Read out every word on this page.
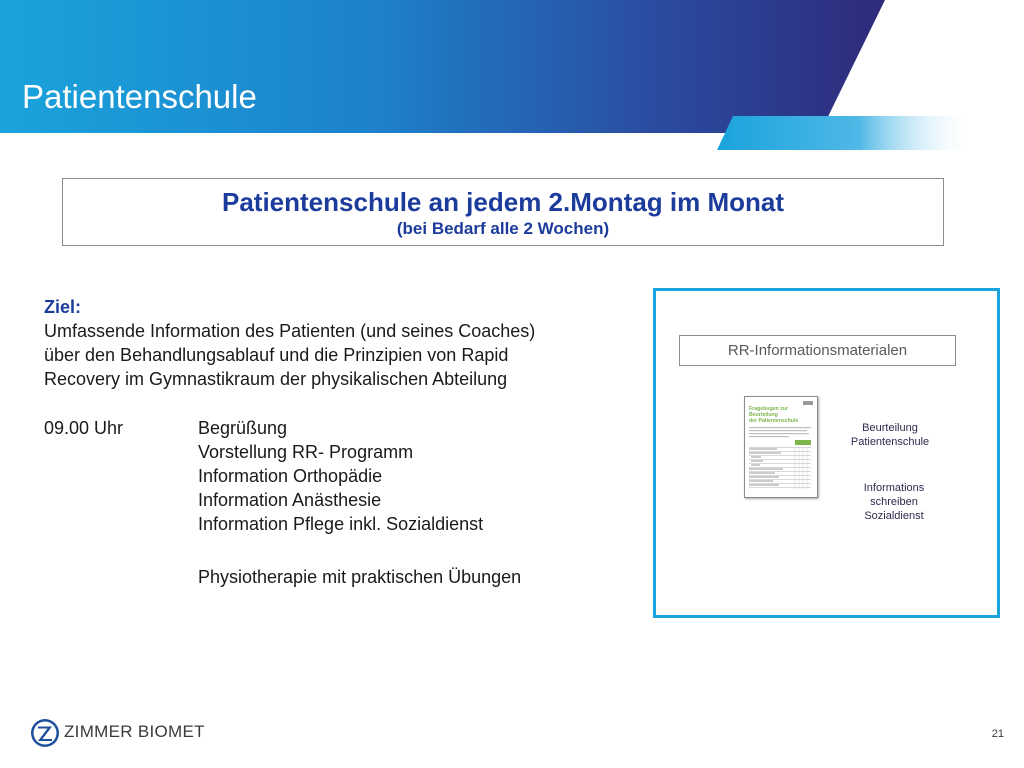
Patientenschule
Patientenschule an jedem 2.Montag im Monat
(bei Bedarf alle 2 Wochen)
Ziel:
Umfassende Information des Patienten (und seines Coaches)
über den Behandlungsablauf und die Prinzipien von Rapid
Recovery im Gymnastikraum der physikalischen Abteilung
09.00 Uhr	Begrüßung
Vorstellung RR- Programm
Information Orthopädie
Information Anästhesie
Information Pflege inkl. Sozialdienst
Physiotherapie mit praktischen Übungen
RR-Informationsmaterialen
Fragebogen zur
Beurteilung
der Patientenschule
Beurteilung
Patientenschule
Informations
schreiben
Sozialdienst
ZIMMER BIOMET	21
